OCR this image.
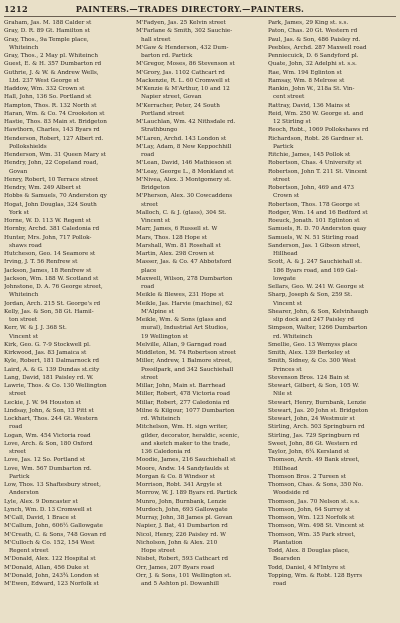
1212	PAINTERS.—TRADES DIRECTORY.—PAINTERS.
Graham, Jas. M. 188 Calder st
Gray, D. R. 89 Gt. Hamilton st
Gray, Thos., 9a Temple place,
Whiteinch
Gray, Thos., 2 May pl. Whiteinch
Guest, E. & H. 357 Dumbarton rd
Guthrie, J. & W. & Andrew Wells,
Ltd. 237 West George st
Haddow, Wm. 332 Crown st
Hall, John, 136 So. Portland st
Hampton, Thos. R. 132 North st
Haran, Wm. & Co. 74 Crookston st
Hastie, Thos. 83 Main st. Bridgeton
Hawthorn, Charles, 143 Byars rd
Henderson, Robert, 127 Albert rd.
Pollokshields
Henderson, Wm. 31 Queen Mary st
Hendry, John, 22 Copeland road,
Govan
Henry, Robert, 10 Terrace street
Hendry, Wm. 249 Albert st
Hobbs & Samuels, 70 Anderston qy
Hogat, John Douglas, 324 South
York st
Horne, W. D. 113 W. Regent st
Hornby, Archd. 381 Caledonia rd
Hunter, Mrs. John, 717 Pollok-
shaws road
Hutcheson, Geo. 14 Seamore st
Irving, J. T. 56 Renfrew st
Jackson, James, 18 Renfrew st
Jackson, Wm. 188 W. Scotland st
Johnstone, D. A. 76 George street,
Whiteinch
Jordan, Arch. 215 St. George's rd
Kelly, Jas. & Son, 58 Gt. Hamil-
ton street
Kerr, W. & J. J. 368 St.
Vincent st
Kirk, Geo. G. 7-9 Stockwell pl.
Kirkwood, Jas. 83 Jamaica st
Kyle, Robert, 181 Dalmarnock rd
Laird, A. & G. 139 Dundas st.city
Lang, David, 181 Paisley rd. W.
Lawrie, Thos. & Co. 130 Wellington
street
Leckie, J. W. 94 Houston st
Lindsay, John, & Son, 13 Pitt st
Lockhart, Thos. 244 Gt. Western
road
Logan, Wm. 454 Victoria road
Love, Arch. & Son, 180 Oxford
street
Love, Jas. 12 So. Portland st
Love, Wm. 567 Dumbarton rd.
Partick
Low, Thos. 13 Shaftesbury street,
Anderston
Lyle, Alex. 9 Doncaster st
Lynch, Wm. D. 13 Cromwell st
M'Call, David, 1 Brace st
M'Callum, John, 606½ Gallowgate
M'Creath, C. & Sons, 748 Govan rd
M'Culloch & Co. 152, 154 West
Regent street
M'Donald, Alex. 122 Hospital st
M'Donald, Allan, 456 Duke st
M'Donald, John, 243¾ London st
M'Ewen, Edward, 123 Norfolk st
M'Fadyen, Jas. 25 Kelvin street
M'Farlane & Smith, 302 Sauchie-
hall street
M'Gaw & Henderson, 432 Dum-
barton rd. Partick
M'Gregor, Moses, 86 Stevenson st
M'Grory, Jas. 1102 Cathcart rd
Mackenzie, R. L. 60 Cromwell st
M'Kenzie & M'Arthur, 10 and 12
Napier street, Govan
M'Kerracher, Peter, 24 South
Portland street
M'Lauchlan, Wm. 42 Nithsdale rd.
Strathbungo
M'Laren, Archd. 143 London st
M'Lay, Adam, 8 New Keppochhill
road
M'Lean, David, 146 Mathieson st
M'Leay, George L., 8 Monkland st
M'Nivea, Alex. 3 Montgomery st.
Bridgeton
M'Pherson, Alex. 30 Cowcaddens
street
Malloch, C. & J. (glass), 304 St.
Vincent st
Marr, James, 6 Russell st. W
Mars, Thos. 128 Hope st
Marshall, Wm. 81 Rosehall st
Martin, Alex. 298 Crown st
Masser, Jas. & Co. 47 Abbotsford
place
Maxwell, Wilson, 278 Dumbarton
road
Meikle & Blewes, 231 Hope st
Meikle, Jas. Harvie (machine), 62
M'Alpine st
Meikle, Wm. & Sons (glass and
mural), Industrial Art Studios,
19 Wellington st
Melville, Allan, 9 Garngad road
Middleton, M. 74 Robertson street
Miller, Andrew, 1 Balmore street,
Possilpark, and 342 Sauchiehall
street
Millar, John, Main st. Barrhead
Miller, Robert, 478 Victoria road
Millar, Robert, 277 Caledonia rd
Milne & Kilgour, 1077 Dumbarton
rd. Whiteinch
Mitchelson, Wm. H. sign writer,
gilder, decorator, heraldic, scenic,
and sketch maker to the trade,
136 Caledonia rd
Moodie, James, 216 Sauchiehall st
Moore, Andw. 14 Sandyfaulds st
Morgan & Co. 8 Windsor st
Morrison, Robt. 341 Argyle st
Morrow, W. J. 189 Byars rd. Partick
Munro, John, Burnbank, Lenzie
Murdoch, John, 693 Gallowgate
Murray, John, 38 James pl. Govan
Napier, J. Bat, 41 Dumbarton rd
Nicol, Henry, 226 Paisley rd. W
Nicholson, John & Alex. 210
Hope street
Nisbet, Robert, 593 Cathcart rd
Orr, James, 207 Byars road
Orr, J. & Sons, 101 Wellington st.
and 5 Ashton pl. Dowanhill
Park, James, 29 King st. s.s.
Paton, Chas. 20 Gt. Western rd
Paul, Jas. & Son, 486 Paisley rd.
Peebles, Archd. 287 Maxwell road
Penniecuick, D. 6 Sandyford pl.
Quate, John, 32 Adelphi st. s.s.
Rae, Wm. 194 Eglinton st
Ramsay, Wm. 8 Melrose st
Rankin, John W., 218a St. Vin-
cent street
Rattray, David, 136 Mains st
Reid, Wm. 250 W. George st. and
12 Stirling st
Reoch, Robt., 1069 Pollokshaws rd
Richardson, Robt. 26 Gardner st.
Partick
Ritchie, James, 145 Pollok st
Robertson, Chas. 4 University st
Robertson, John T. 211 St. Vincent
street
Robertson, John, 469 and 473
Crown st
Robertson, Thos. 178 George st
Rodger, Wm. 14 and 16 Bedford st
Roeuck, Jonath. 101 Eglinton st
Samuels, R. D. 70 Anderston quay
Samuels, W. N. 51 Stirling road
Sanderson, Jas. 1 Gibson street,
Hillhead
Scott, A. & J. 247 Sauchiehall st.
186 Byars road, and 169 Gal-
lowgate
Sellars, Geo. W. 241 W. George st
Sharp, Joseph & Son, 259 St.
Vincent st
Shearer, John, & Son, Kelvinhaugh
slip dock and 247 Paisley rd
Simpson, Walter, 1266 Dumbarton
rd. Whiteinch
Smellie, Geo. 13 Wemyss place
Smith, Alex. 139 Berkeley st
Smith, Sidney, & Co. 300 West
Princes st
Stevenson Bros. 124 Bain st
Stewart, Gilbert, & Son, 105 W.
Nile st
Stewart, Henry, Burnbank, Lenzie
Stewart, Jas. 20 John st. Bridgeton
Stewart, John, 24 Westmuir st
Stirling, Arch. 503 Springburn rd
Stirling, Jas. 729 Springburn rd
Sweet, John, 86 Gt. Western rd
Taylor, John, 6¼ Kersland st
Thomson, Arch. 49 Bank street,
Hillhead
Thomson Bros. 2 Tureen st
Thomson, Chas. & Sons, 350 No.
Woodside rd
Thomson, Jas. 70 Nelson st. s.s.
Thomson, John, 64 Surrey st
Thomson, Wm. 123 Norfolk st
Thomson, Wm. 498 St. Vincent st
Thomson, Wm. 35 Park street,
Plantation
Todd, Alex. 8 Douglas place,
Bearsden
Todd, Daniel, 4 M'Intyre st
Topping, Wm. & Robt. 128 Byrrs
road
